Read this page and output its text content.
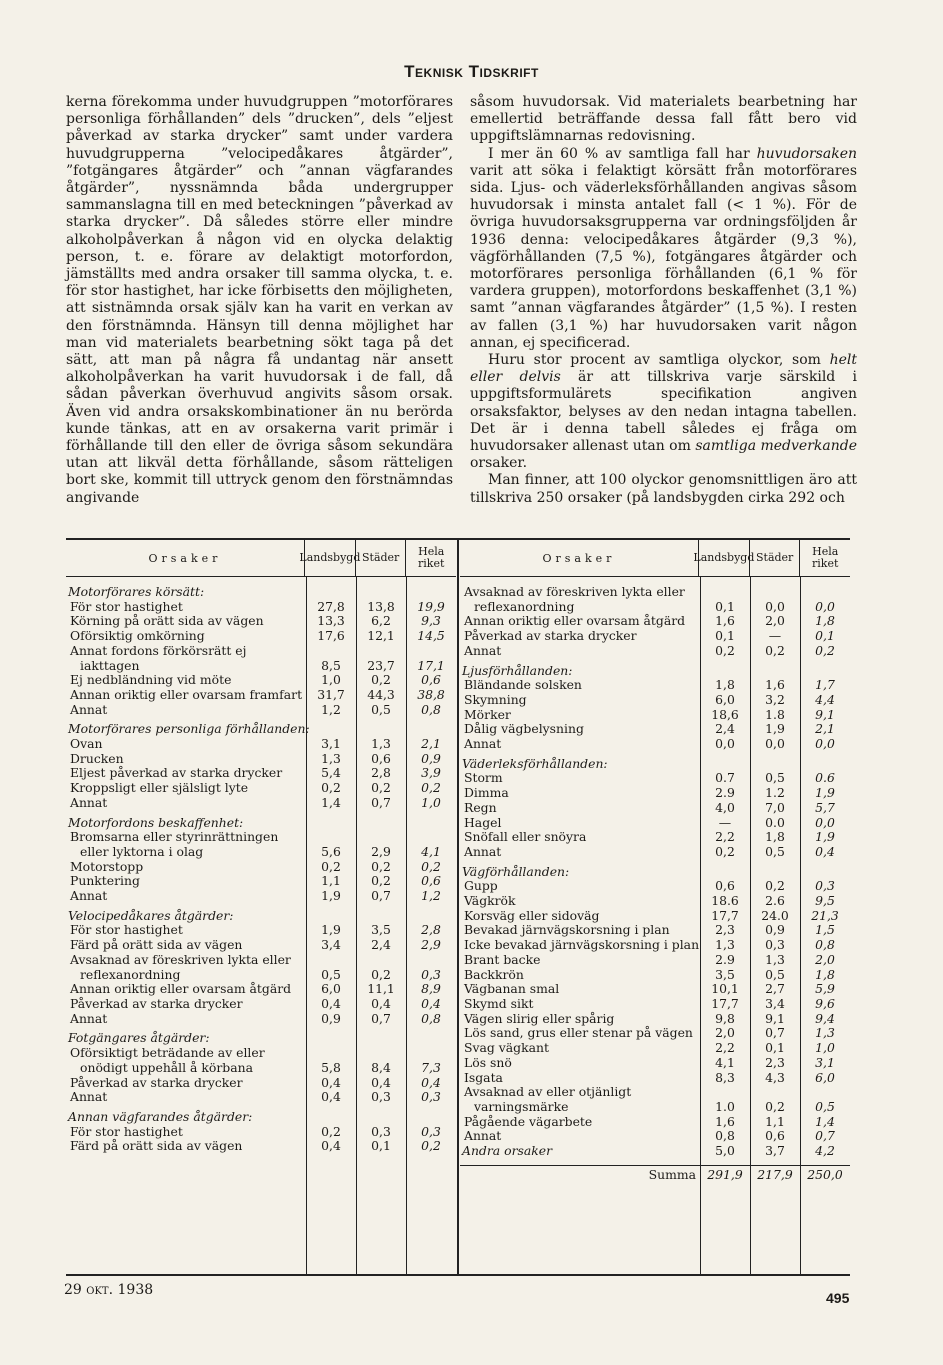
Teknisk Tidskrift

kerna förekomma under huvudgruppen ”motorförares personliga förhållanden” dels ”drucken”, dels ”eljest påverkad av starka drycker” samt under vardera huvudgrupperna ”velocipedåkares åtgärder”, ”fotgängares åtgärder” och ”annan vägfarandes åtgärder”, nyssnämnda båda undergrupper sammanslagna till en med beteckningen ”påverkad av starka drycker”. Då således större eller mindre alkoholpåverkan å någon vid en olycka delaktig person, t. e. förare av delaktigt motorfordon, jämställts med andra orsaker till samma olycka, t. e. för stor hastighet, har icke förbisetts den möjligheten, att sistnämnda orsak själv kan ha varit en verkan av den förstnämnda. Hänsyn till denna möjlighet har man vid materialets bearbetning sökt taga på det sätt, att man på några få undantag när ansett alkoholpåverkan ha varit huvudorsak i de fall, då sådan påverkan överhuvud angivits såsom orsak. Även vid andra orsakskombinationer än nu berörda kunde tänkas, att en av orsakerna varit primär i förhållande till den eller de övriga såsom sekundära utan att likväl detta förhållande, såsom rätteligen bort ske, kommit till uttryck genom den förstnämndas angivande

såsom huvudorsak. Vid materialets bearbetning har emellertid beträffande dessa fall fått bero vid uppgiftslämnarnas redovisning.

I mer än 60 % av samtliga fall har huvudorsaken varit att söka i felaktigt körsätt från motorförares sida. Ljus- och väderleksförhållanden angivas såsom huvudorsak i minsta antalet fall (< 1 %). För de övriga huvudorsaksgrupperna var ordningsföljden år 1936 denna: velocipedåkares åtgärder (9,3 %), vägförhållanden (7,5 %), fotgängares åtgärder och motorförares personliga förhållanden (6,1 % för vardera gruppen), motorfordons beskaffenhet (3,1 %) samt ”annan vägfarandes åtgärder” (1,5 %). I resten av fallen (3,1 %) har huvudorsaken varit någon annan, ej specificerad.

Huru stor procent av samtliga olyckor, som helt eller delvis är att tillskriva varje särskild i uppgiftsformulärets specifikation angiven orsaksfaktor, belyses av den nedan intagna tabellen. Det är i denna tabell således ej fråga om huvudorsaker allenast utan om samtliga medverkande orsaker.

Man finner, att 100 olyckor genomsnittligen äro att tillskriva 250 orsaker (på landsbygden cirka 292 och

Orsaker	Landsbygd Städer	Hela riket
Motorförares körsätt:
För stor hastighet	27,8	13,8	19,9
Körning på orätt sida av vägen	13,3	6,2	9,3
Oförsiktig omkörning	17,6	12,1	14,5
Annat fordons förkörsrätt ej iakttagen	8,5	23,7	17,1
Ej nedbländning vid möte	1,0	0,2	0,6
Annan oriktig eller ovarsam framfart	31,7	44,3	38,8
Annat	1,2	0,5	0,8
Motorförares personliga förhållanden:
Ovan	3,1	1,3	2,1
Drucken	1,3	0,6	0,9
Eljest påverkad av starka drycker	5,4	2,8	3,9
Kroppsligt eller själsligt lyte	0,2	0,2	0,2
Annat	1,4	0,7	1,0
Motorfordons beskaffenhet:
Bromsarna eller styrinrättningen eller lyktorna i olag	5,6	2,9	4,1
Motorstopp	0,2	0,2	0,2
Punktering	1,1	0,2	0,6
Annat	1,9	0,7	1,2
Velocipedåkares åtgärder:
För stor hastighet	1,9	3,5	2,8
Färd på orätt sida av vägen	3,4	2,4	2,9
Avsaknad av föreskriven lykta eller reflexanordning	0,5	0,2	0,3
Annan oriktig eller ovarsam åtgärd	6,0	11,1	8,9
Påverkad av starka drycker	0,4	0,4	0,4
Annat	0,9	0,7	0,8
Fotgängares åtgärder:
Oförsiktigt beträdande av eller onödigt uppehåll å körbana	5,8	8,4	7,3
Påverkad av starka drycker	0,4	0,4	0,4
Annat	0,4	0,3	0,3
Annan vägfarandes åtgärder:
För stor hastighet	0,2	0,3	0,3
Färd på orätt sida av vägen	0,4	0,1	0,2
Orsaker	Landsbygd Städer	Hela riket
Avsaknad av föreskriven lykta eller reflexanordning	0,1	0,0	0,0
Annan oriktig eller ovarsam åtgärd	1,6	2,0	1,8
Påverkad av starka drycker	0,1	—	0,1
Annat	0,2	0,2	0,2
Ljusförhållanden:
Bländande solsken	1,8	1,6	1,7
Skymning	6,0	3,2	4,4
Mörker	18,6	1.8	9,1
Dålig vägbelysning	2,4	1,9	2,1
Annat	0,0	0,0	0,0
Väderleksförhållanden:
Storm	0.7	0,5	0.6
Dimma	2.9	1.2	1,9
Regn	4,0	7,0	5,7
Hagel	—	0.0	0,0
Snöfall eller snöyra	2,2	1,8	1,9
Annat	0,2	0,5	0,4
Vägförhållanden:
Gupp	0,6	0,2	0,3
Vägkrök	18.6	2.6	9,5
Korsväg eller sidoväg	17,7	24.0	21,3
Bevakad järnvägskorsning i plan	2,3	0,9	1,5
Icke bevakad järnvägskorsning i plan	1,3	0,3	0,8
Brant backe	2.9	1,3	2,0
Backkrön	3,5	0,5	1,8
Vägbanan smal	10,1	2,7	5,9
Skymd sikt	17,7	3,4	9,6
Vägen slirig eller spårig	9,8	9,1	9,4
Lös sand, grus eller stenar på vägen	2,0	0,7	1,3
Svag vägkant	2,2	0,1	1,0
Lös snö	4,1	2,3	3,1
Isgata	8,3	4,3	6,0
Avsaknad av eller otjänligt varningsmärke	1.0	0,2	0,5
Pågående vägarbete	1,6	1,1	1,4
Annat	0,8	0,6	0,7
Andra orsaker	5,0	3,7	4,2
Summa 291,9	217,9	250,0
29 okt. 1938	495
